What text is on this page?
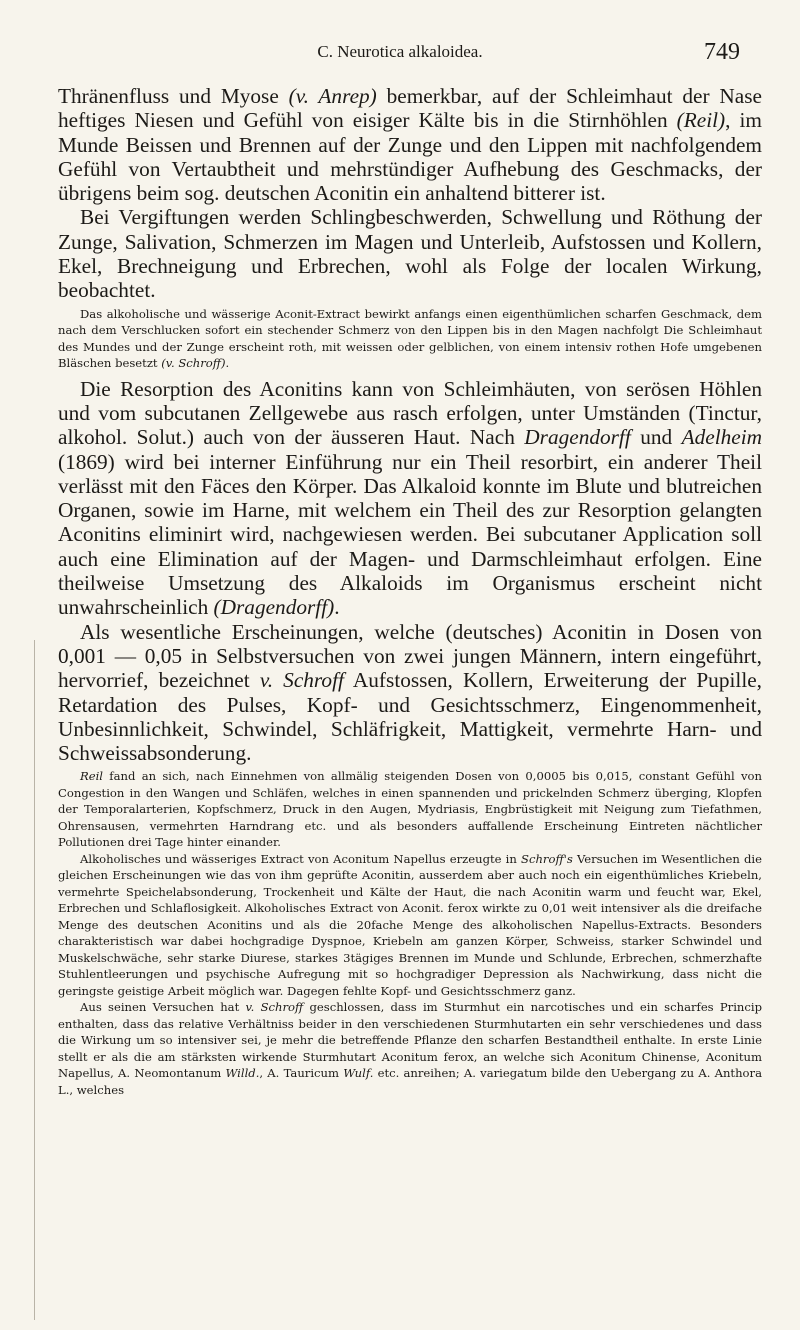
C. Neurotica alkaloidea.	749

Thränenfluss und Myose (v. Anrep) bemerkbar, auf der Schleimhaut der Nase heftiges Niesen und Gefühl von eisiger Kälte bis in die Stirnhöhlen (Reil), im Munde Beissen und Brennen auf der Zunge und den Lippen mit nachfolgendem Gefühl von Vertaubtheit und mehrstündiger Aufhebung des Geschmacks, der übrigens beim sog. deutschen Aconitin ein anhaltend bitterer ist.

Bei Vergiftungen werden Schlingbeschwerden, Schwellung und Röthung der Zunge, Salivation, Schmerzen im Magen und Unterleib, Aufstossen und Kollern, Ekel, Brechneigung und Erbrechen, wohl als Folge der localen Wirkung, beobachtet.

Das alkoholische und wässerige Aconit-Extract bewirkt anfangs einen eigenthümlichen scharfen Geschmack, dem nach dem Verschlucken sofort ein stechender Schmerz von den Lippen bis in den Magen nachfolgt Die Schleimhaut des Mundes und der Zunge erscheint roth, mit weissen oder gelblichen, von einem intensiv rothen Hofe umgebenen Bläschen besetzt (v. Schroff).

Die Resorption des Aconitins kann von Schleimhäuten, von serösen Höhlen und vom subcutanen Zellgewebe aus rasch erfolgen, unter Umständen (Tinctur, alkohol. Solut.) auch von der äusseren Haut. Nach Dragendorff und Adelheim (1869) wird bei interner Einführung nur ein Theil resorbirt, ein anderer Theil verlässt mit den Fäces den Körper. Das Alkaloid konnte im Blute und blutreichen Organen, sowie im Harne, mit welchem ein Theil des zur Resorption gelangten Aconitins eliminirt wird, nachgewiesen werden. Bei subcutaner Application soll auch eine Elimination auf der Magen- und Darmschleimhaut erfolgen. Eine theilweise Umsetzung des Alkaloids im Organismus erscheint nicht unwahrscheinlich (Dragendorff).

Als wesentliche Erscheinungen, welche (deutsches) Aconitin in Dosen von 0,001 — 0,05 in Selbstversuchen von zwei jungen Männern, intern eingeführt, hervorrief, bezeichnet v. Schroff Aufstossen, Kollern, Erweiterung der Pupille, Retardation des Pulses, Kopf- und Gesichtsschmerz, Eingenommenheit, Unbesinnlichkeit, Schwindel, Schläfrigkeit, Mattigkeit, vermehrte Harn- und Schweissabsonderung.

Reil fand an sich, nach Einnehmen von allmälig steigenden Dosen von 0,0005 bis 0,015, constant Gefühl von Congestion in den Wangen und Schläfen, welches in einen spannenden und prickelnden Schmerz überging, Klopfen der Temporalarterien, Kopfschmerz, Druck in den Augen, Mydriasis, Engbrüstigkeit mit Neigung zum Tiefathmen, Ohrensausen, vermehrten Harndrang etc. und als besonders auffallende Erscheinung Eintreten nächtlicher Pollutionen drei Tage hinter einander.

Alkoholisches und wässeriges Extract von Aconitum Napellus erzeugte in Schroff's Versuchen im Wesentlichen die gleichen Erscheinungen wie das von ihm geprüfte Aconitin, ausserdem aber auch noch ein eigenthümliches Kriebeln, vermehrte Speichelabsonderung, Trockenheit und Kälte der Haut, die nach Aconitin warm und feucht war, Ekel, Erbrechen und Schlaflosigkeit. Alkoholisches Extract von Aconit. ferox wirkte zu 0,01 weit intensiver als die dreifache Menge des deutschen Aconitins und als die 20fache Menge des alkoholischen Napellus-Extracts. Besonders charakteristisch war dabei hochgradige Dyspnoe, Kriebeln am ganzen Körper, Schweiss, starker Schwindel und Muskelschwäche, sehr starke Diurese, starkes 3tägiges Brennen im Munde und Schlunde, Erbrechen, schmerzhafte Stuhlentleerungen und psychische Aufregung mit so hochgradiger Depression als Nachwirkung, dass nicht die geringste geistige Arbeit möglich war. Dagegen fehlte Kopf- und Gesichtsschmerz ganz.

Aus seinen Versuchen hat v. Schroff geschlossen, dass im Sturmhut ein narcotisches und ein scharfes Princip enthalten, dass das relative Verhältniss beider in den verschiedenen Sturmhutarten ein sehr verschiedenes und dass die Wirkung um so intensiver sei, je mehr die betreffende Pflanze den scharfen Bestandtheil enthalte. In erste Linie stellt er als die am stärksten wirkende Sturmhutart Aconitum ferox, an welche sich Aconitum Chinense, Aconitum Napellus, A. Neomontanum Willd., A. Tauricum Wulf. etc. anreihen; A. variegatum bilde den Uebergang zu A. Anthora L., welches
